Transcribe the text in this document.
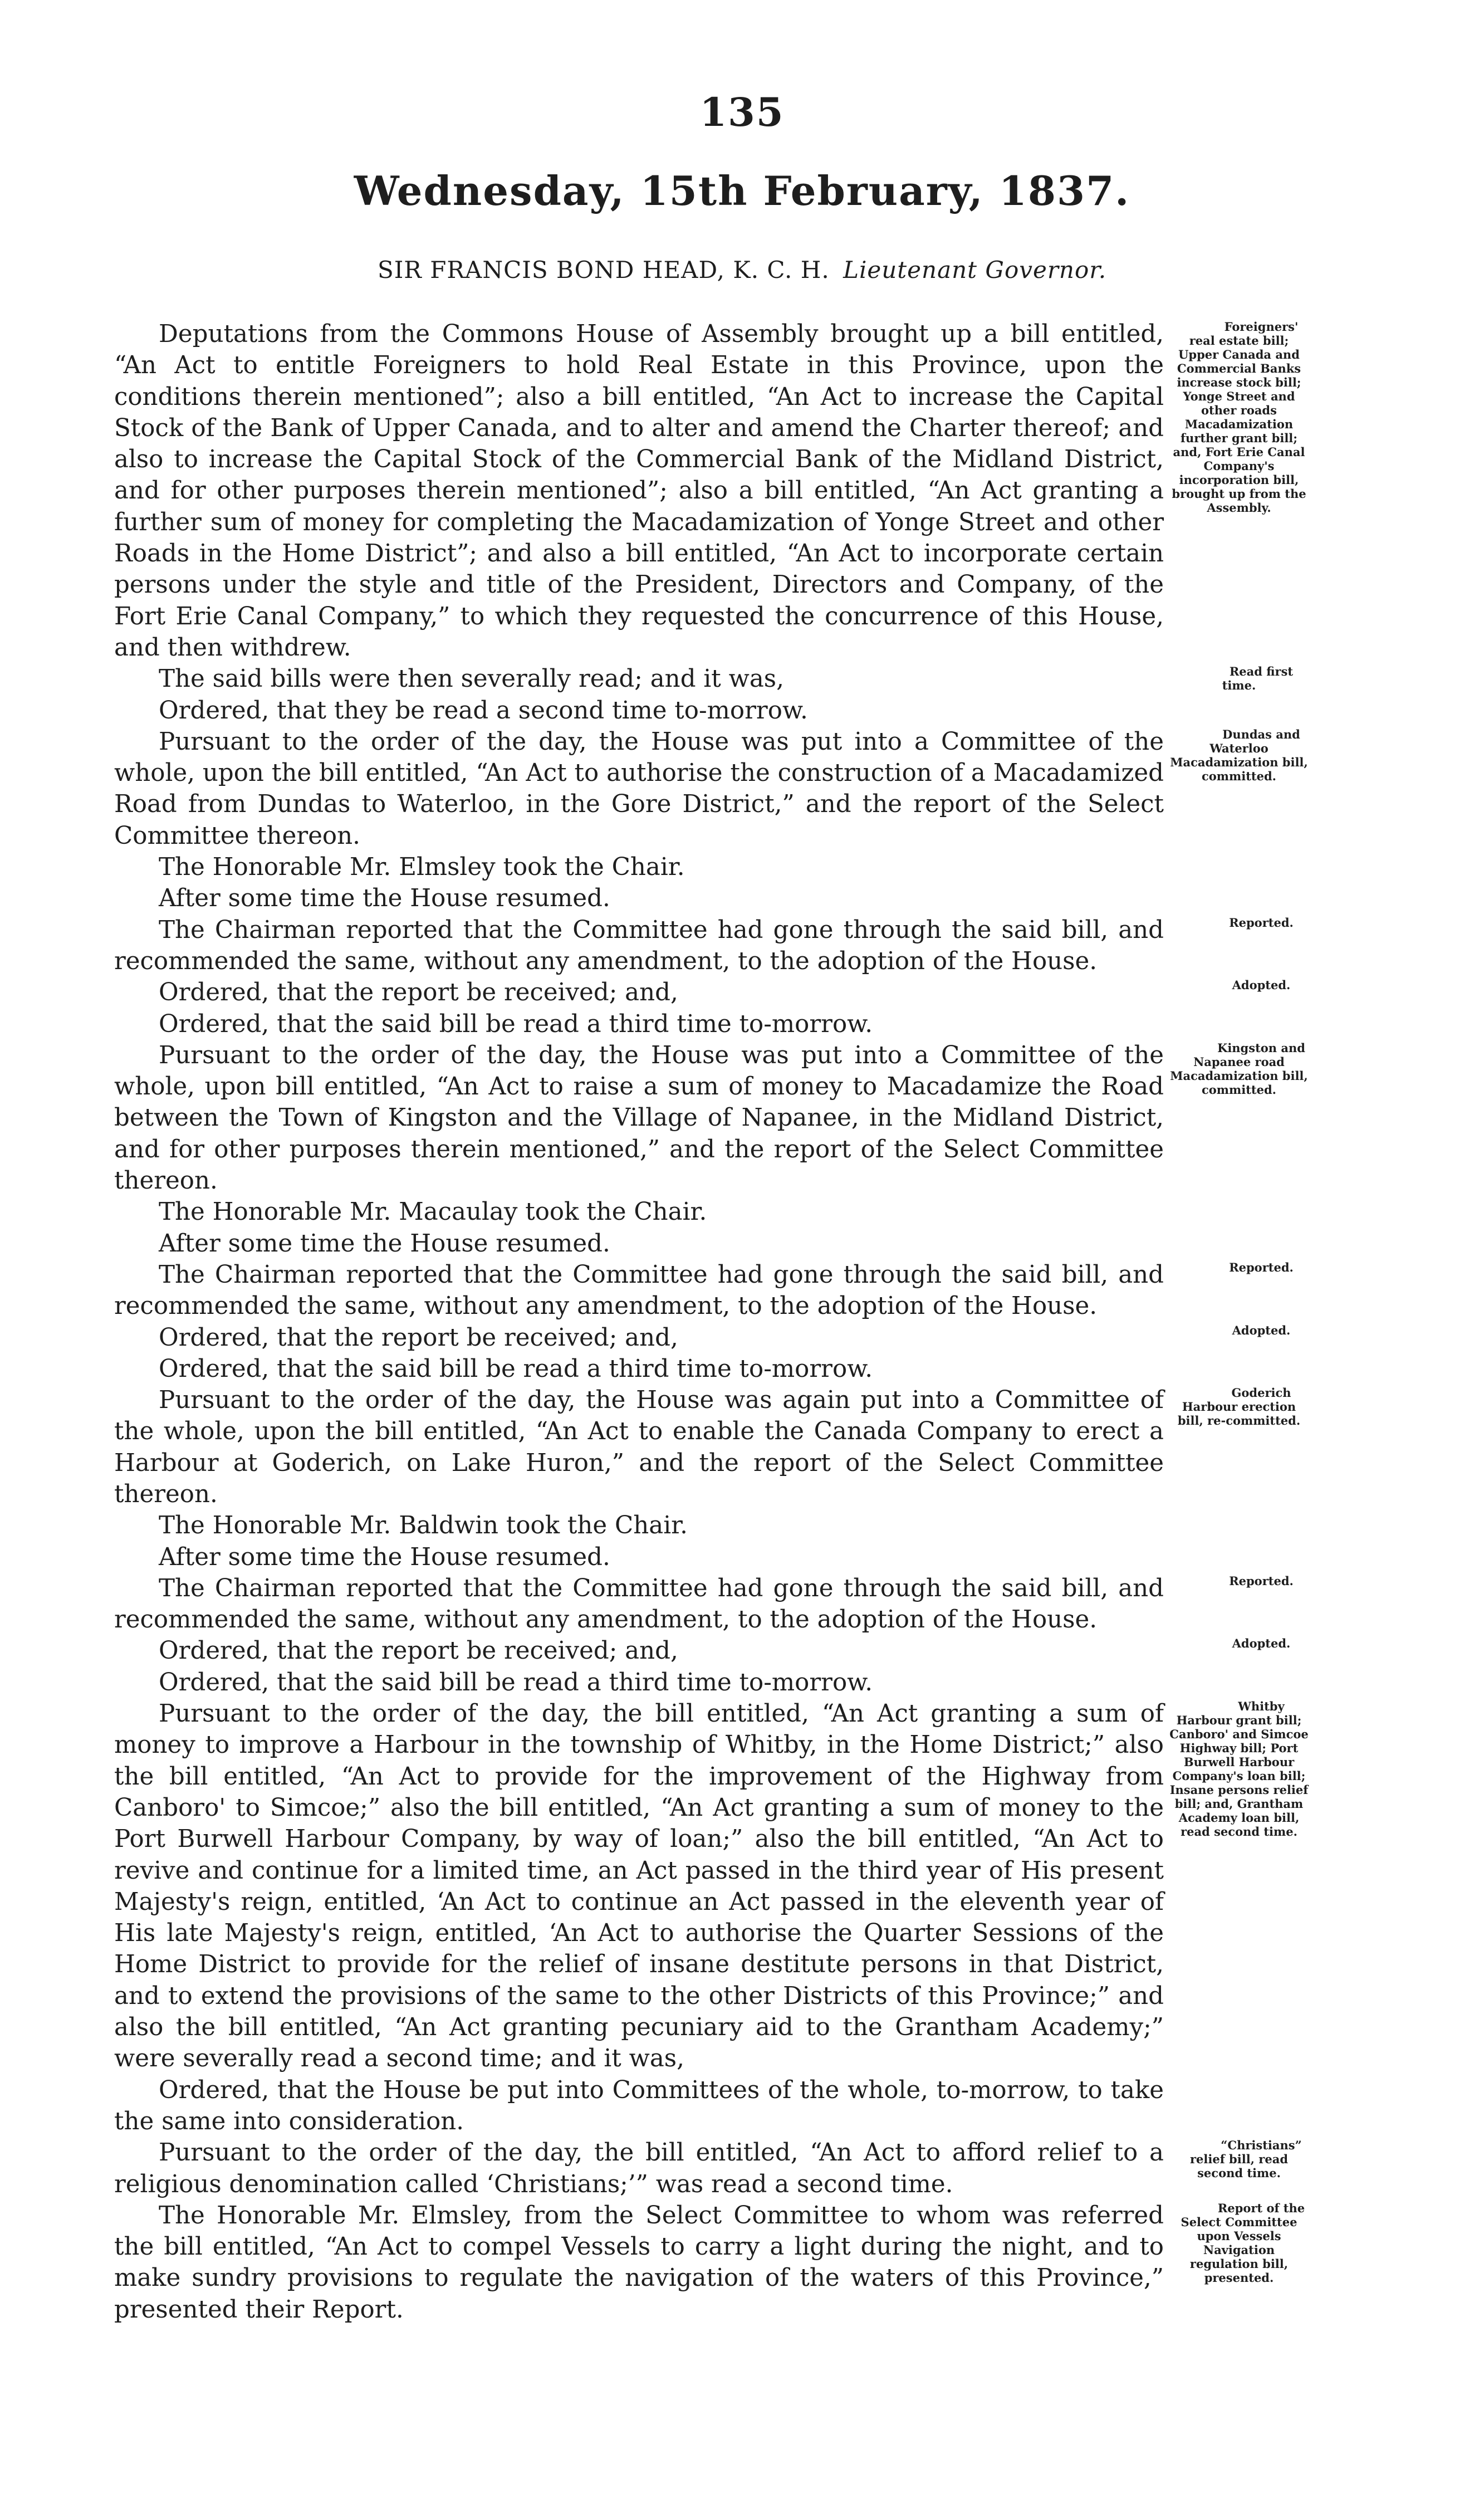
135
Wednesday, 15th February, 1837.
SIR FRANCIS BOND HEAD, K. C. H. Lieutenant Governor.

Deputations from the Commons House of Assembly brought up a bill entitled, “An Act to entitle Foreigners to hold Real Estate in this Province, upon the conditions therein mentioned”; also a bill entitled, “An Act to increase the Capital Stock of the Bank of Upper Canada, and to alter and amend the Charter thereof; and also to increase the Capital Stock of the Commercial Bank of the Midland District, and for other purposes therein mentioned”; also a bill entitled, “An Act granting a further sum of money for completing the Macadamization of Yonge Street and other Roads in the Home District”; and also a bill entitled, “An Act to incorporate certain persons under the style and title of the President, Directors and Company, of the Fort Erie Canal Company,” to which they requested the concurrence of this House, and then withdrew.
Foreigners' real estate bill; Upper Canada and Commercial Banks increase stock bill; Yonge Street and other roads Macadamization further grant bill; and, Fort Erie Canal Company's incorporation bill, brought up from the Assembly.

The said bills were then severally read; and it was,	Read first time.

Ordered, that they be read a second time to-morrow.

Pursuant to the order of the day, the House was put into a Committee of the whole, upon the bill entitled, “An Act to authorise the construction of a Macadamized Road from Dundas to Waterloo, in the Gore District,” and the report of the Select Committee thereon.
Dundas and Waterloo Macadamization bill, committed.

The Honorable Mr. Elmsley took the Chair.

After some time the House resumed.

The Chairman reported that the Committee had gone through the said bill, and recommended the same, without any amendment, to the adoption of the House.
Reported.

Ordered, that the report be received; and,	Adopted.

Ordered, that the said bill be read a third time to-morrow.

Pursuant to the order of the day, the House was put into a Committee of the whole, upon bill entitled, “An Act to raise a sum of money to Macadamize the Road between the Town of Kingston and the Village of Napanee, in the Midland District, and for other purposes therein mentioned,” and the report of the Select Committee thereon.
Kingston and Napanee road Macadamization bill, committed.

The Honorable Mr. Macaulay took the Chair.

After some time the House resumed.

The Chairman reported that the Committee had gone through the said bill, and recommended the same, without any amendment, to the adoption of the House.
Reported.

Ordered, that the report be received; and,	Adopted.

Ordered, that the said bill be read a third time to-morrow.

Pursuant to the order of the day, the House was again put into a Committee of the whole, upon the bill entitled, “An Act to enable the Canada Company to erect a Harbour at Goderich, on Lake Huron,” and the report of the Select Committee thereon.
Goderich Harbour erection bill, re-committed.

The Honorable Mr. Baldwin took the Chair.

After some time the House resumed.

The Chairman reported that the Committee had gone through the said bill, and recommended the same, without any amendment, to the adoption of the House.
Reported.

Ordered, that the report be received; and,	Adopted.

Ordered, that the said bill be read a third time to-morrow.

Pursuant to the order of the day, the bill entitled, “An Act granting a sum of money to improve a Harbour in the township of Whitby, in the Home District;” also the bill entitled, “An Act to provide for the improvement of the Highway from Canboro' to Simcoe;” also the bill entitled, “An Act granting a sum of money to the Port Burwell Harbour Company, by way of loan;” also the bill entitled, “An Act to revive and continue for a limited time, an Act passed in the third year of His present Majesty's reign, entitled, ‘An Act to continue an Act passed in the eleventh year of His late Majesty's reign, entitled, ‘An Act to authorise the Quarter Sessions of the Home District to provide for the relief of insane destitute persons in that District, and to extend the provisions of the same to the other Districts of this Province;” and also the bill entitled, “An Act granting pecuniary aid to the Grantham Academy;” were severally read a second time; and it was,
Whitby Harbour grant bill; Canboro' and Simcoe Highway bill; Port Burwell Harbour Company's loan bill; Insane persons relief bill; and, Grantham Academy loan bill, read second time.

Ordered, that the House be put into Committees of the whole, to-morrow, to take the same into consideration.

Pursuant to the order of the day, the bill entitled, “An Act to afford relief to a religious denomination called ‘Christians;’” was read a second time.
“Christians” relief bill, read second time.

The Honorable Mr. Elmsley, from the Select Committee to whom was referred the bill entitled, “An Act to compel Vessels to carry a light during the night, and to make sundry provisions to regulate the navigation of the waters of this Province,” presented their Report.
Report of the Select Committee upon Vessels Navigation regulation bill, presented.
